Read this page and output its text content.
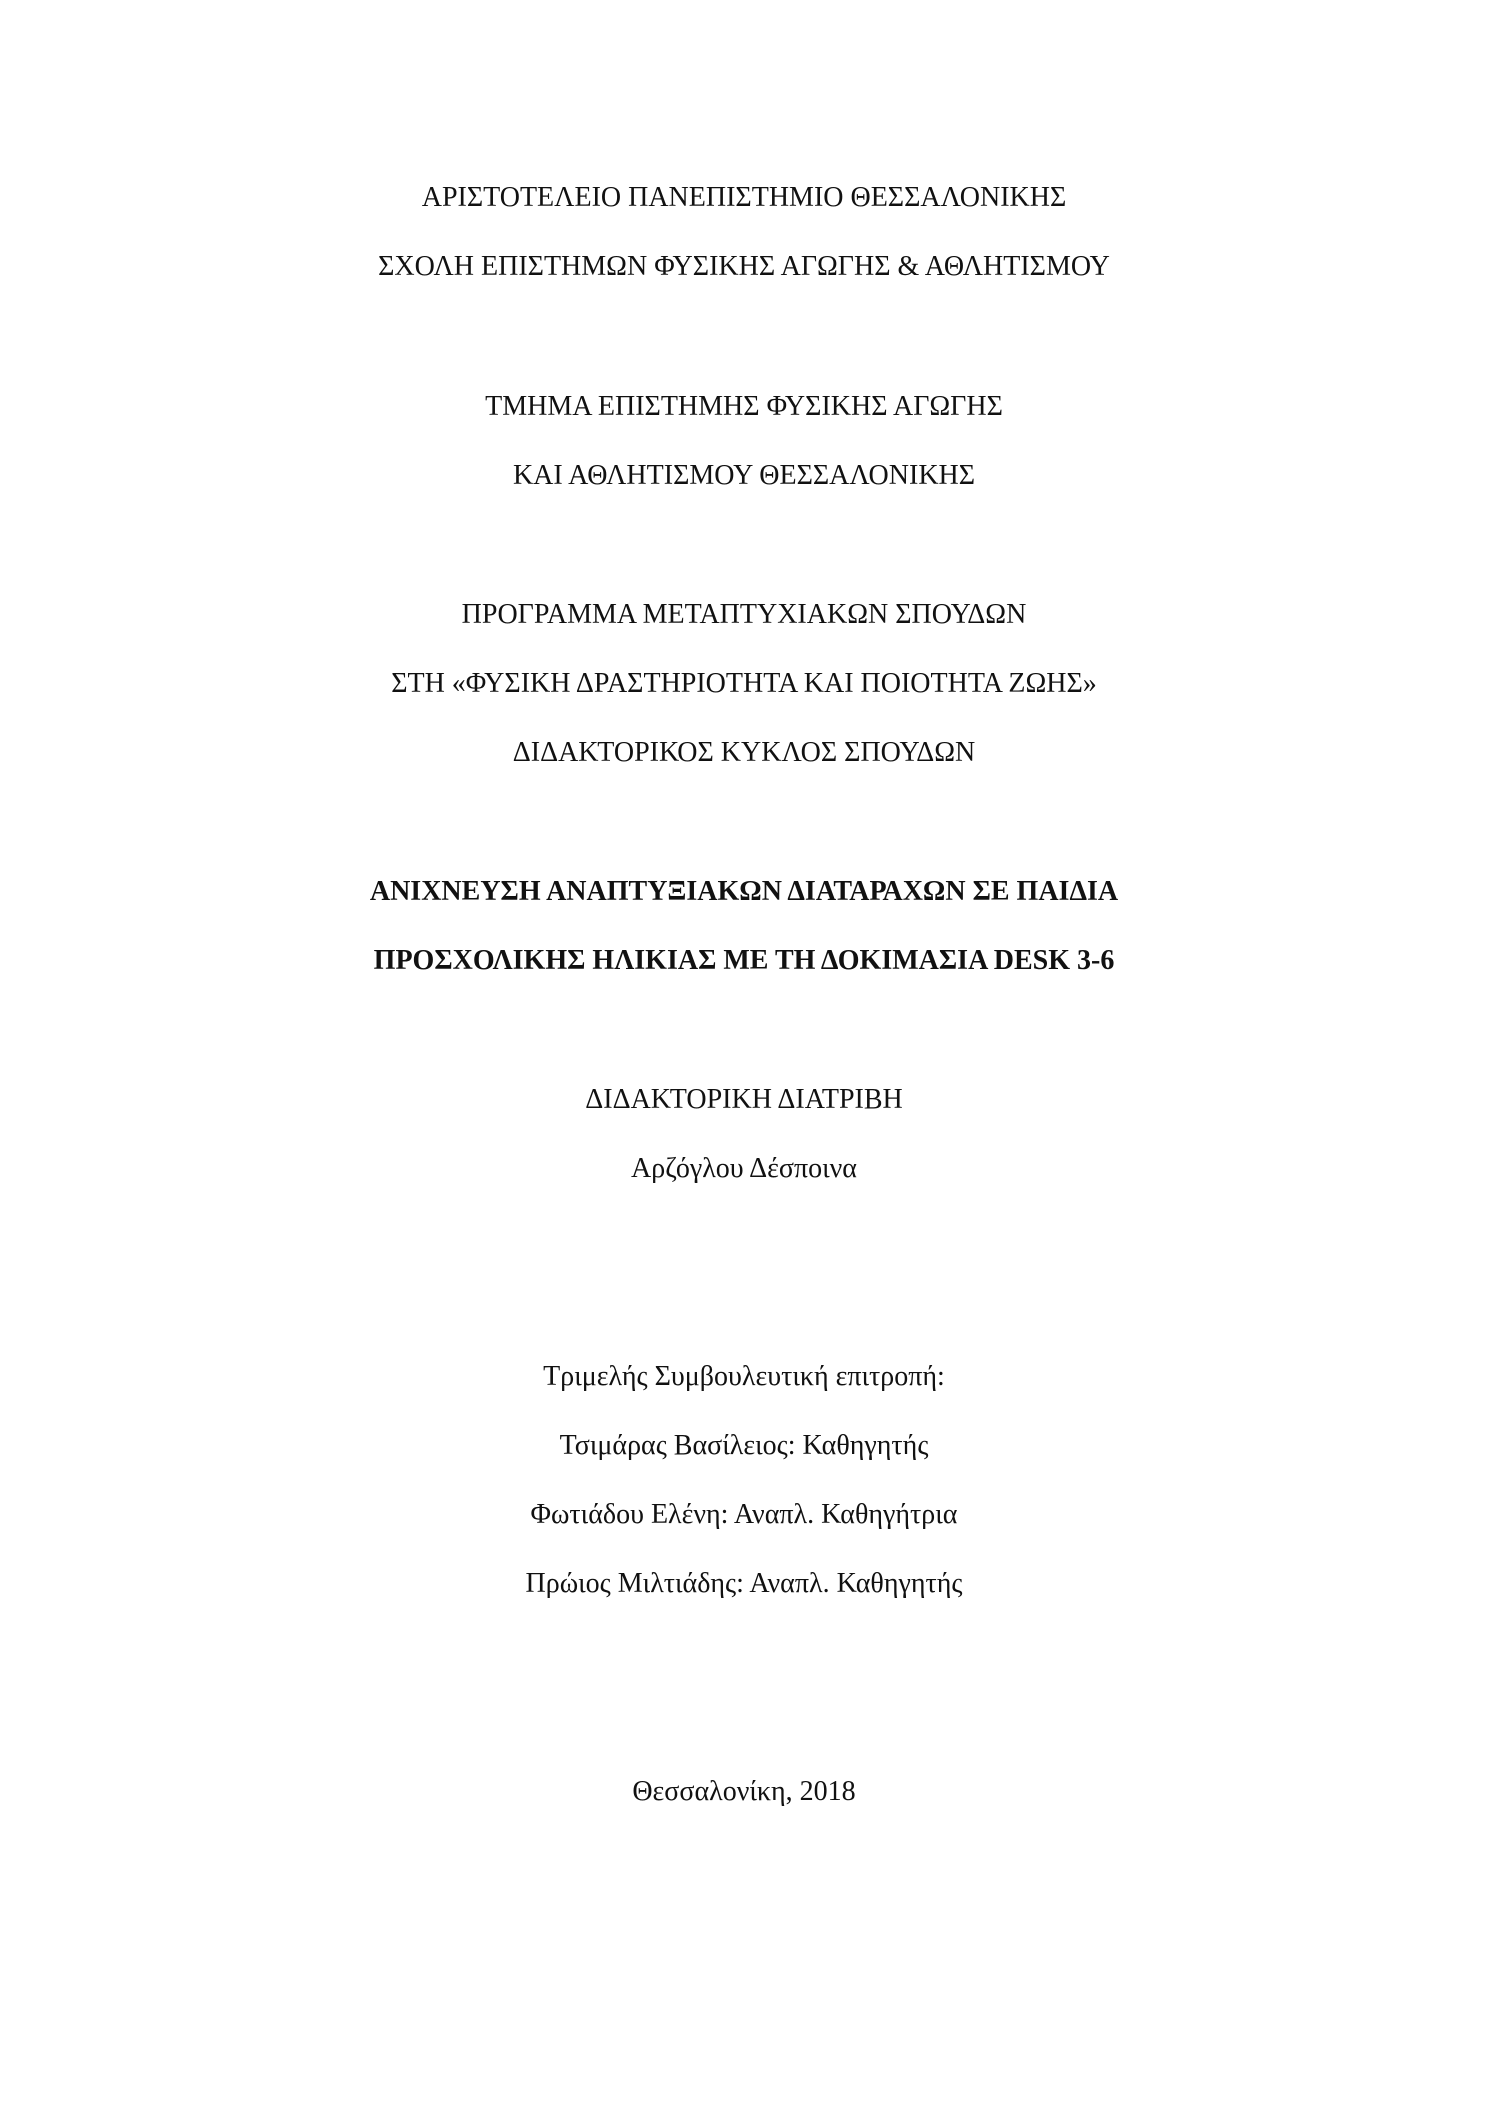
ΑΡΙΣΤΟΤΕΛΕΙΟ ΠΑΝΕΠΙΣΤΗΜΙΟ ΘΕΣΣΑΛΟΝΙΚΗΣ
ΣΧΟΛΗ ΕΠΙΣΤΗΜΩΝ ΦΥΣΙΚΗΣ ΑΓΩΓΗΣ & ΑΘΛΗΤΙΣΜΟΥ
ΤΜΗΜΑ ΕΠΙΣΤΗΜΗΣ ΦΥΣΙΚΗΣ ΑΓΩΓΗΣ
ΚΑΙ ΑΘΛΗΤΙΣΜΟΥ ΘΕΣΣΑΛΟΝΙΚΗΣ
ΠΡΟΓΡΑΜΜΑ ΜΕΤΑΠΤΥΧΙΑΚΩΝ ΣΠΟΥΔΩΝ
ΣΤΗ «ΦΥΣΙΚΗ ΔΡΑΣΤΗΡΙΟΤΗΤΑ ΚΑΙ ΠΟΙΟΤΗΤΑ ΖΩΗΣ»
ΔΙΔΑΚΤΟΡΙΚΟΣ ΚΥΚΛΟΣ ΣΠΟΥΔΩΝ
ΑΝΙΧΝΕΥΣΗ ΑΝΑΠΤΥΞΙΑΚΩΝ ΔΙΑΤΑΡΑΧΩΝ ΣΕ ΠΑΙΔΙΑ
ΠΡΟΣΧΟΛΙΚΗΣ ΗΛΙΚΙΑΣ ΜΕ ΤΗ ΔΟΚΙΜΑΣΙΑ DESK 3-6
ΔΙΔΑΚΤΟΡΙΚΗ ΔΙΑΤΡΙΒΗ
Αρζόγλου Δέσποινα
Τριμελής Συμβουλευτική επιτροπή:
Τσιμάρας Βασίλειος: Καθηγητής
Φωτιάδου Ελένη: Αναπλ. Καθηγήτρια
Πρώιος Μιλτιάδης: Αναπλ. Καθηγητής
Θεσσαλονίκη, 2018
